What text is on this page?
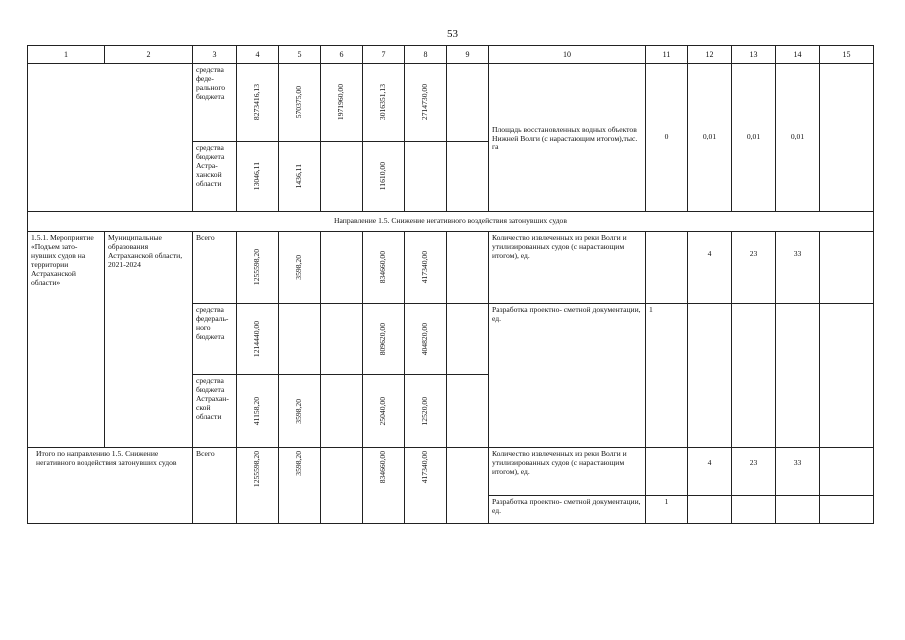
53
1	2	3	4	5	6	7	8	9	10	11	12	13	14	15
		средства феде-рального бюджета	8273416,13	570375,00	1971960,00	3016351,13	2714730,00		Площадь восстановленных водных объектов Нижней Волги (с нарастающим итогом),тыс. га	0	0,01	0,01	0,01	
		средства бюджета Астра-ханской области	13046,11	1436,11		11610,00								

Направление 1.5. Снижение негативного воздействия затонувших судов														
1.5.1. Мероприятие «Подъем зато-нувших судов на территории Астраханской области»	Муниципальные образования Астраханской области, 2021-2024	Всего	1255598,20	3598,20		834660,00	417340,00		Количество извлеченных из реки Волги и утилизированных судов (с нарастающим итогом), ед.		4	23	33	
		средства федераль-ного бюджета	1214440,00			809620,00	404820,00		Разработка проектно- сметной документации, ед.	1				
		средства бюджета Астрахан-ской области	41158,20	3598,20		25040,00	12520,00							

Итого по направлению 1.5. Снижение негативного воздействия затонувших судов		Всего	1255598,20	3598,20		834660,00	417340,00		Количество извлеченных из реки Волги и утилизированных судов (с нарастающим итогом), ед.		4	23	33	
									Разработка проектно- сметной документации, ед.	1				
